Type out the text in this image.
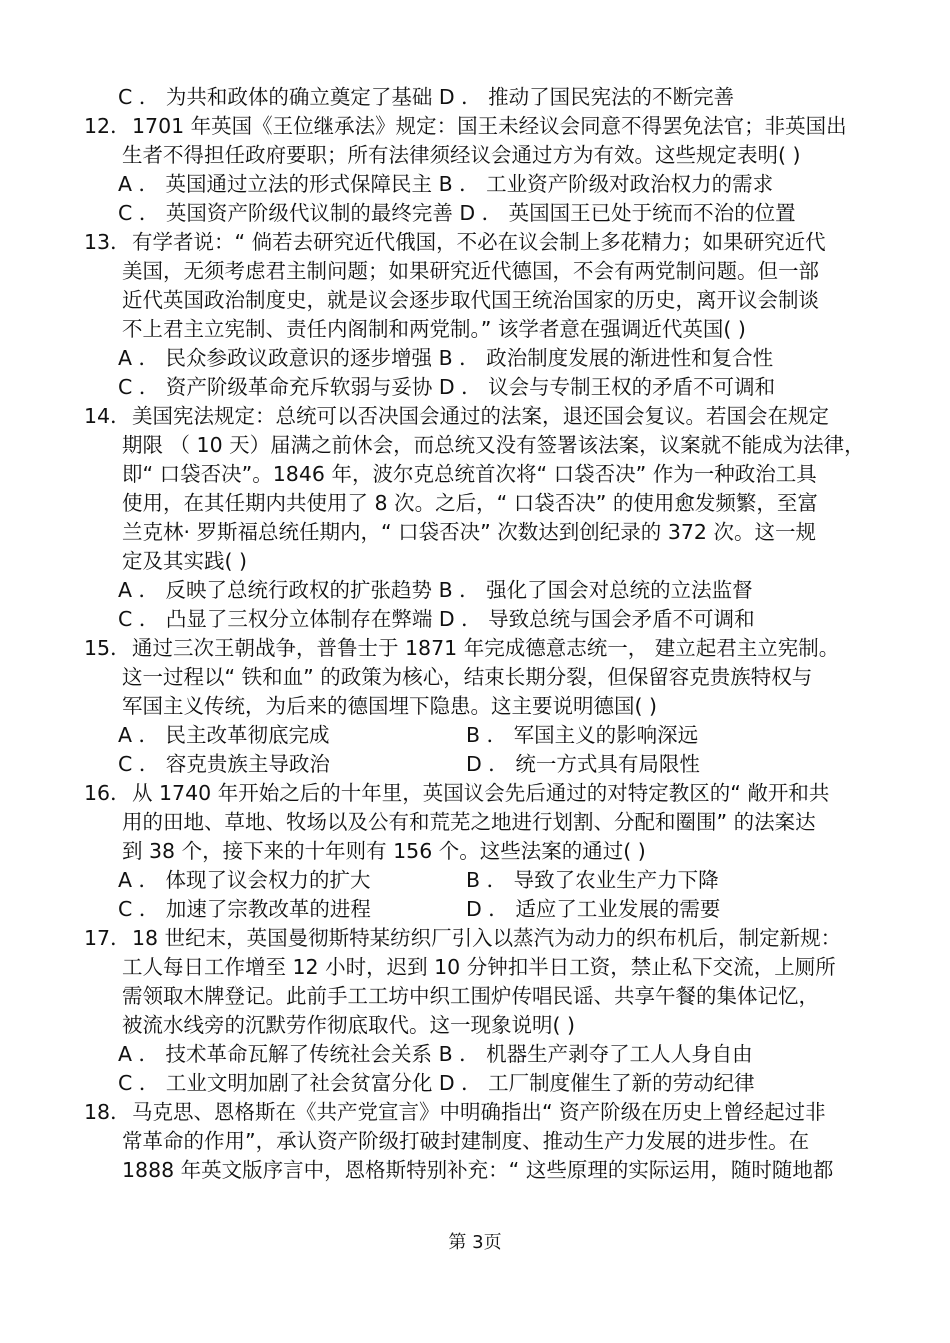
C ． 为共和政体的确立奠定了基础 D ． 推动了国民宪法的不断完善
12． 1701 年英国《王位继承法》规定：国王未经议会同意不得罢免法官；非英国出
生者不得担任政府要职；所有法律须经议会通过方为有效。这些规定表明( )
A ． 英国通过立法的形式保障民主 B ． 工业资产阶级对政治权力的需求
C ． 英国资产阶级代议制的最终完善 D ． 英国国王已处于统而不治的位置
13． 有学者说：“ 倘若去研究近代俄国，不必在议会制上多花精力；如果研究近代
美国，无须考虑君主制问题；如果研究近代德国，不会有两党制问题。但一部
近代英国政治制度史，就是议会逐步取代国王统治国家的历史，离开议会制谈
不上君主立宪制、责任内阁制和两党制。” 该学者意在强调近代英国( )
A ． 民众参政议政意识的逐步增强 B ． 政治制度发展的渐进性和复合性
C ． 资产阶级革命充斥软弱与妥协 D ． 议会与专制王权的矛盾不可调和
14． 美国宪法规定：总统可以否决国会通过的法案，退还国会复议。若国会在规定
期限 （ 10 天）届满之前休会，而总统又没有签署该法案，议案就不能成为法律，
即“ 口袋否决”。1846 年，波尔克总统首次将“ 口袋否决” 作为一种政治工具
使用，在其任期内共使用了 8 次。之后，“ 口袋否决” 的使用愈发频繁，至富
兰克林· 罗斯福总统任期内，“ 口袋否决” 次数达到创纪录的 372 次。这一规
定及其实践( )
A ． 反映了总统行政权的扩张趋势 B ． 强化了国会对总统的立法监督
C ． 凸显了三权分立体制存在弊端 D ． 导致总统与国会矛盾不可调和
15． 通过三次王朝战争，普鲁士于 1871 年完成德意志统一， 建立起君主立宪制。
这一过程以“ 铁和血” 的政策为核心，结束长期分裂，但保留容克贵族特权与
军国主义传统，为后来的德国埋下隐患。这主要说明德国( )
A ． 民主改革彻底完成	B ． 军国主义的影响深远
C ． 容克贵族主导政治	D ． 统一方式具有局限性
16． 从 1740 年开始之后的十年里，英国议会先后通过的对特定教区的“ 敞开和共
用的田地、草地、牧场以及公有和荒芜之地进行划割、分配和圈围” 的法案达
到 38 个，接下来的十年则有 156 个。这些法案的通过( )
A ． 体现了议会权力的扩大	B ． 导致了农业生产力下降
C ． 加速了宗教改革的进程	D ． 适应了工业发展的需要
17． 18 世纪末，英国曼彻斯特某纺织厂引入以蒸汽为动力的织布机后，制定新规：
工人每日工作增至 12 小时，迟到 10 分钟扣半日工资，禁止私下交流，上厕所
需领取木牌登记。此前手工工坊中织工围炉传唱民谣、共享午餐的集体记忆，
被流水线旁的沉默劳作彻底取代。这一现象说明( )
A ． 技术革命瓦解了传统社会关系 B ． 机器生产剥夺了工人人身自由
C ． 工业文明加剧了社会贫富分化 D ． 工厂制度催生了新的劳动纪律
18． 马克思、恩格斯在《共产党宣言》中明确指出“ 资产阶级在历史上曾经起过非
常革命的作用”，承认资产阶级打破封建制度、推动生产力发展的进步性。在
1888 年英文版序言中，恩格斯特别补充：“ 这些原理的实际运用，随时随地都
第 3页
